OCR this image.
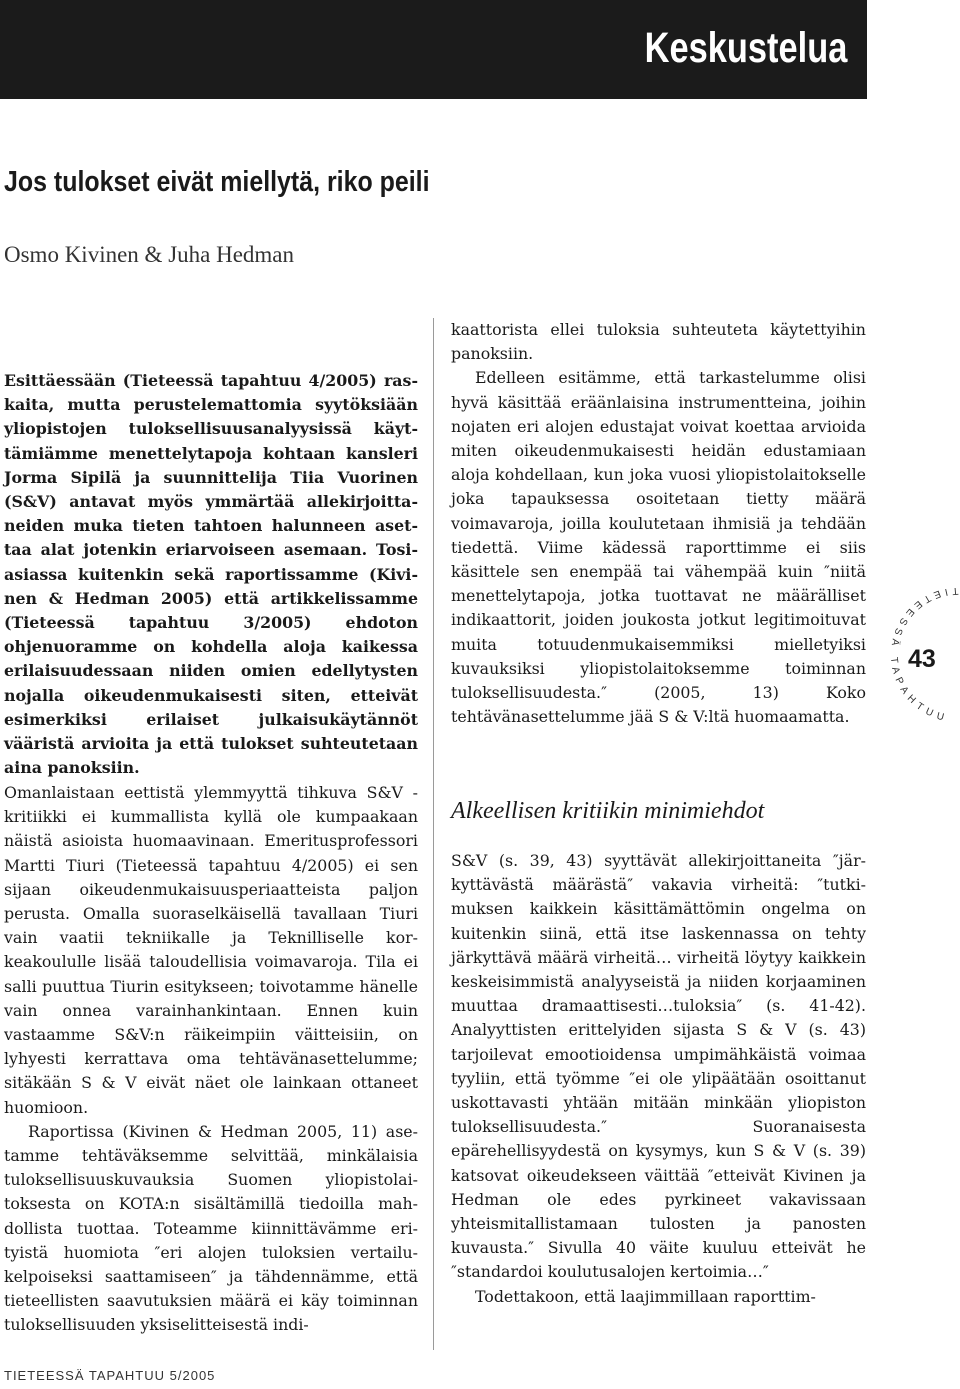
Keskustelua
Jos tulokset eivät miellytä, riko peili
Osmo Kivinen & Juha Hedman

Esittäessään (Tieteessä tapahtuu 4/2005) raskaita, mutta perustelemattomia syytöksiään yliopistojen tuloksellisuusanalyysissä käyttämiämme menettelytapoja kohtaan kansleri Jorma Sipilä ja suunnittelija Tiia Vuorinen (S&V) antavat myös ymmärtää allekirjoittaneiden muka tieten tahtoen halunneen asettaa alat jotenkin eriarvoiseen asemaan. Tosiasiassa kuitenkin sekä raportissamme (Kivinen & Hedman 2005) että artikkelissamme (Tieteessä tapahtuu 3/2005) ehdoton ohjenuoramme on kohdella aloja kaikessa erilaisuudessaan niiden omien edellytysten nojalla oikeudenmukaisesti siten, etteivät esimerkiksi erilaiset julkaisukäytännöt vääristä arvioita ja että tulokset suhteutetaan aina panoksiin.

Omanlaistaan eettistä ylemmyyttä tihkuva S&V -kritiikki ei kummallista kyllä ole kumpaakaan näistä asioista huomaavinaan. Emeritusprofessori Martti Tiuri (Tieteessä tapahtuu 4/2005) ei sen sijaan oikeudenmukaisuusperiaatteista paljon perusta. Omalla suoraselkäisellä tavallaan Tiuri vain vaatii tekniikalle ja Teknilliselle korkeakoululle lisää taloudellisia voimavaroja. Tila ei salli puuttua Tiurin esitykseen; toivotamme hänelle vain onnea varainhankintaan. Ennen kuin vastaamme S&V:n räikeimpiin väitteisiin, on lyhyesti kerrattava oma tehtävänasettelumme; sitäkään S & V eivät näet ole lainkaan ottaneet huomioon.

Raportissa (Kivinen & Hedman 2005, 11) asetamme tehtäväksemme selvittää, minkälaisia tuloksellisuuskuvauksia Suomen yliopistolaitoksesta on KOTA:n sisältämillä tiedoilla mahdollista tuottaa. Toteamme kiinnittävämme erityistä huomiota ″eri alojen tuloksien vertailukelpoiseksi saattamiseen″ ja tähdennämme, että tieteellisten saavutuksien määrä ei käy toiminnan tuloksellisuuden yksiselitteisestä indi-

kaattorista ellei tuloksia suhteuteta käytettyihin panoksiin.

Edelleen esitämme, että tarkastelumme olisi hyvä käsittää eräänlaisina instrumentteina, joihin nojaten eri alojen edustajat voivat koettaa arvioida miten oikeudenmukaisesti heidän edustamiaan aloja kohdellaan, kun joka vuosi yliopistolaitokselle joka tapauksessa osoitetaan tietty määrä voimavaroja, joilla koulutetaan ihmisiä ja tehdään tiedettä. Viime kädessä raporttimme ei siis käsittele sen enempää tai vähempää kuin ″niitä menettelytapoja, jotka tuottavat ne määrälliset indikaattorit, joiden joukosta jotkut legitimoituvat muita totuudenmukaisemmiksi mielletyiksi kuvauksiksi yliopistolaitoksemme toiminnan tuloksellisuudesta.″ (2005, 13) Koko tehtävänasettelumme jää S & V:ltä huomaamatta.

Alkeellisen kritiikin minimiehdot

S&V (s. 39, 43) syyttävät allekirjoittaneita ″järkyttävästä määrästä″ vakavia virheitä: ″tutkimuksen kaikkein käsittämättömin ongelma on kuitenkin siinä, että itse laskennassa on tehty järkyttävä määrä virheitä… virheitä löytyy kaikkein keskeisimmistä analyyseistä ja niiden korjaaminen muuttaa dramaattisesti…tuloksia″ (s. 41-42). Analyyttisten erittelyiden sijasta S & V (s. 43) tarjoilevat emootioidensa umpimähkäistä voimaa tyyliin, että työmme ″ei ole ylipäätään osoittanut uskottavasti yhtään mitään minkään yliopiston tuloksellisuudesta.″ Suoranaisesta epärehellisyydestä on kysymys, kun S & V (s. 39) katsovat oikeudekseen väittää ″etteivät Kivinen ja Hedman ole edes pyrkineet vakavissaan yhteismitallistamaan tulosten ja panosten kuvausta.″ Sivulla 40 väite kuuluu etteivät he ″standardoi koulutusalojen kertoimia…″

Todettakoon, että laajimmillaan raporttim-

TIETEESSÄ TAPAHTUU
43
TIETEESSÄ TAPAHTUU 5/2005
